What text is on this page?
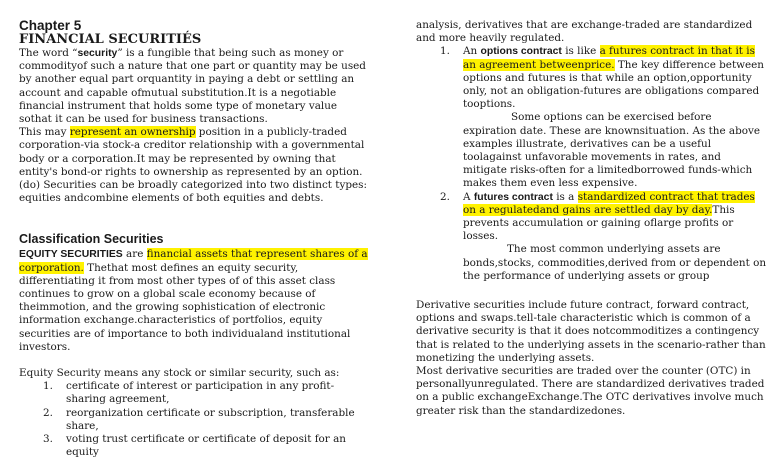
Chapter 5
FINANCIAL SECURITIÉS

The word “security” is a fungible that being such as money or commodityof such a nature that one part or quantity may be used by another equal part orquantity in paying a debt or settling an account and capable ofmutual substitution.It is a negotiable financial instrument that holds some type of monetary value sothat it can be used for business transactions.

This may represent an ownership position in a publicly-traded corporation-via stock-a creditor relationship with a governmental body or a corporation.It may be represented by owning that entity's bond-or rights to ownership as represented by an option.(do) Securities can be broadly categorized into two distinct types: equities andcombine elements of both equities and debts.

Classification Securities

EQUITY SECURITIES are financial assets that represent shares of a corporation. Thethat most defines an equity security, differentiating it from most other types of of this asset class continues to grow on a global scale economy because of theimmotion, and the growing sophistication of electronic information exchange.characteristics of portfolios, equity securities are of importance to both individualand institutional investors.

Equity Security means any stock or similar security, such as:

1. certificate of interest or participation in any profit-sharing agreement,
2. reorganization certificate or subscription, transferable share,
3. voting trust certificate or certificate of deposit for an equity

analysis, derivatives that are exchange-traded are standardized and more heavily regulated.

1. An options contract is like a futures contract in that it is an agreement betweenprice. The key difference between options and futures is that while an option,opportunity only, not an obligation-futures are obligations compared tooptions.

Some options can be exercised before expiration date. These are knownsituation. As the above examples illustrate, derivatives can be a useful toolagainst unfavorable movements in rates, and mitigate risks-often for a limitedborrowed funds-which makes them even less expensive.

2. A futures contract is a standardized contract that trades on a regulatedand gains are settled day by day.This prevents accumulation or gaining oflarge profits or losses.

The most common underlying assets are bonds,stocks, commodities,derived from or dependent on the performance of underlying assets or group

Derivative securities include future contract, forward contract, options and swaps.tell-tale characteristic which is common of a derivative security is that it does notcommoditizes a contingency that is related to the underlying assets in the scenario-rather than monetizing the underlying assets.

Most derivative securities are traded over the counter (OTC) in personallyunregulated. There are standardized derivatives traded on a public exchangeExchange.The OTC derivatives involve much greater risk than the standardizedones.
